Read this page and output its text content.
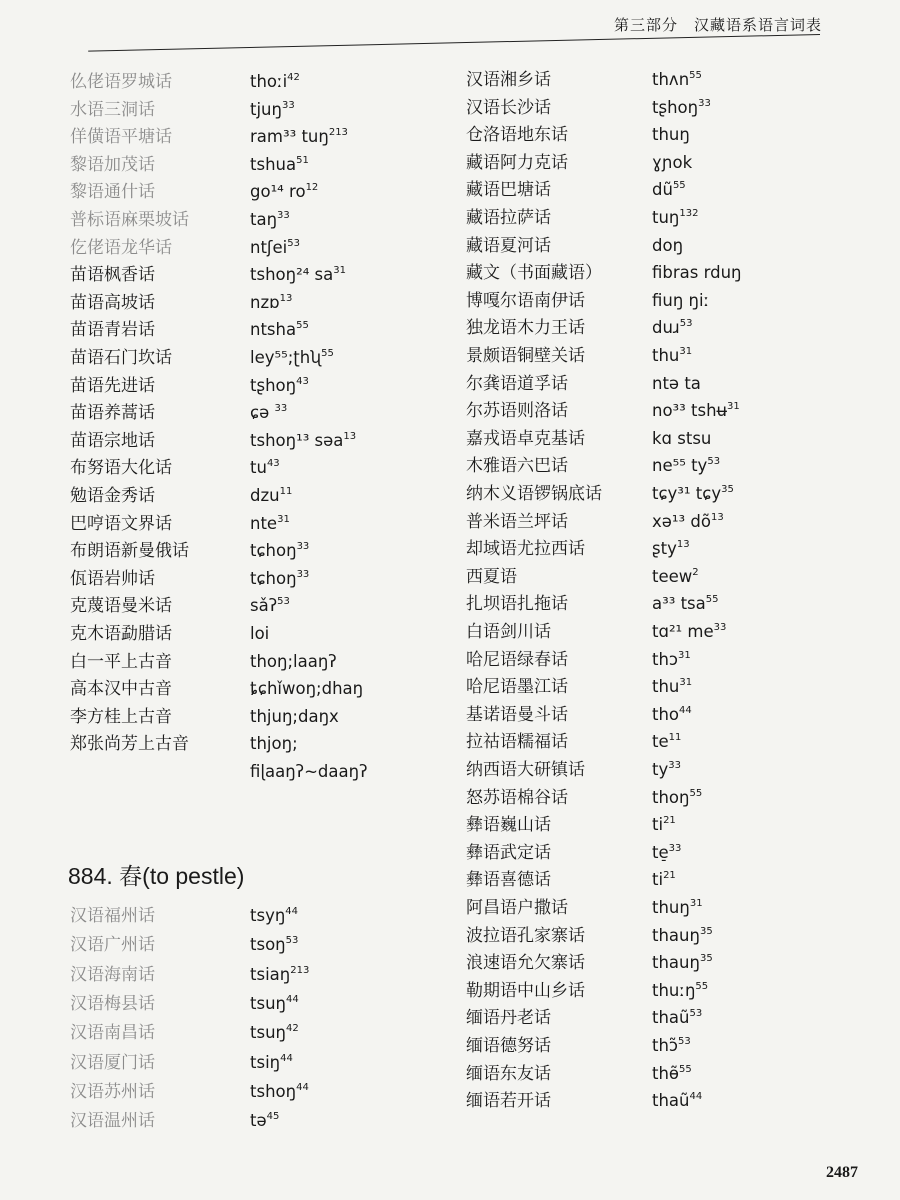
第三部分　汉藏语系语言词表
仫佬语罗城话	thoːi$^{42}$
水语三洞话	tjuŋ$^{33}$
佯僙语平塘话	ram³³ tuŋ$^{213}$
黎语加茂话	tshua$^{51}$
黎语通什话	go¹⁴ $ro^{12}$
普标语麻栗坡话	taŋ$^{33}$
仡佬语龙华话	ntʃei$^{53}$
苗语枫香话	tshoŋ²⁴ $sa^{31}$
苗语高坡话	nzɒ$^{13}$
苗语青岩话	ntsha$^{55}$
苗语石门坎话	ley⁵⁵;ʈhʯ$^{55}$
苗语先进话	tʂhoŋ$^{43}$
苗语养蒿话	ɕə $^{33}$
苗语宗地话	tshoŋ¹³ səa$^{13}$
布努语大化话	$tu^{43}$
勉语金秀话	dzu$^{11}$
巴哼语文界话	nte$^{31}$
布朗语新曼俄话	tɕhoŋ$^{33}$
佤语岩帅话	tɕhoŋ$^{33}$
克蔑语曼米话	sǎʔ$^{53}$
克木语勐腊话	loi
白一平上古音	thoŋ;laaŋʔ
高本汉中古音	ȶɕhǐwoŋ;dhaŋ
李方桂上古音	thjuŋ;daŋx
郑张尚芳上古音	thjoŋ;
fiɭaaŋʔ~daaŋʔ
汉语福州话	tsyŋ$^{44}$
汉语广州话	tsoŋ$^{53}$
汉语海南话	tsiaŋ$^{213}$
汉语梅县话	tsuŋ$^{44}$
汉语南昌话	tsuŋ$^{42}$
汉语厦门话	tsiŋ$^{44}$
汉语苏州话	tshoŋ$^{44}$
汉语温州话	tə$^{45}$
汉语湘乡话	thʌn$^{55}$
汉语长沙话	tʂhoŋ$^{33}$
仓洛语地东话	thuŋ
藏语阿力克话	ɣɲok
藏语巴塘话	$dũ^{55}$
藏语拉萨话	tuŋ$^{132}$
藏语夏河话	doŋ
藏文（书面藏语）	fibras rduŋ
博嘎尔语南伊话	fiuŋ ŋiː
独龙语木力王话	duɹ$^{53}$
景颇语铜壁关话	thu$^{31}$
尔龚语道孚话	ntə ta
尔苏语则洛话	no³³ tshʉ$^{31}$
嘉戎语卓克基话	kɑ stsu
木雅语六巴话	ne⁵⁵ $ty^{53}$
纳木义语锣锅底话	tɕy³¹ tɕy$^{35}$
普米语兰坪话	xə¹³ $dõ^{13}$
却域语尤拉西话	ʂty$^{13}$
西夏语	teew$^2$
扎坝语扎拖话	a³³ tsa$^{55}$
白语剑川话	tɑ²¹ $me^{33}$
哈尼语绿春话	thɔ$^{31}$
哈尼语墨江话	thu$^{31}$
基诺语曼斗话	tho$^{44}$
拉祜语糯福话	$te^{11}$
纳西语大研镇话	$ty^{33}$
怒苏语棉谷话	thoŋ$^{55}$
彝语巍山话	$ti^{21}$
彝语武定话	te̠$^{33}$
彝语喜德话	$ti^{21}$
阿昌语户撒话	thuŋ$^{31}$
波拉语孔家寨话	thauŋ$^{35}$
浪速语允欠寨话	thauŋ$^{35}$
勒期语中山乡话	thuːŋ$^{55}$
缅语丹老话	thaũ$^{53}$
缅语德努话	thɔ̃$^{53}$
缅语东友话	thɵ̃$^{55}$
缅语若开话	thaũ$^{44}$
884. 舂(to pestle)
2487
